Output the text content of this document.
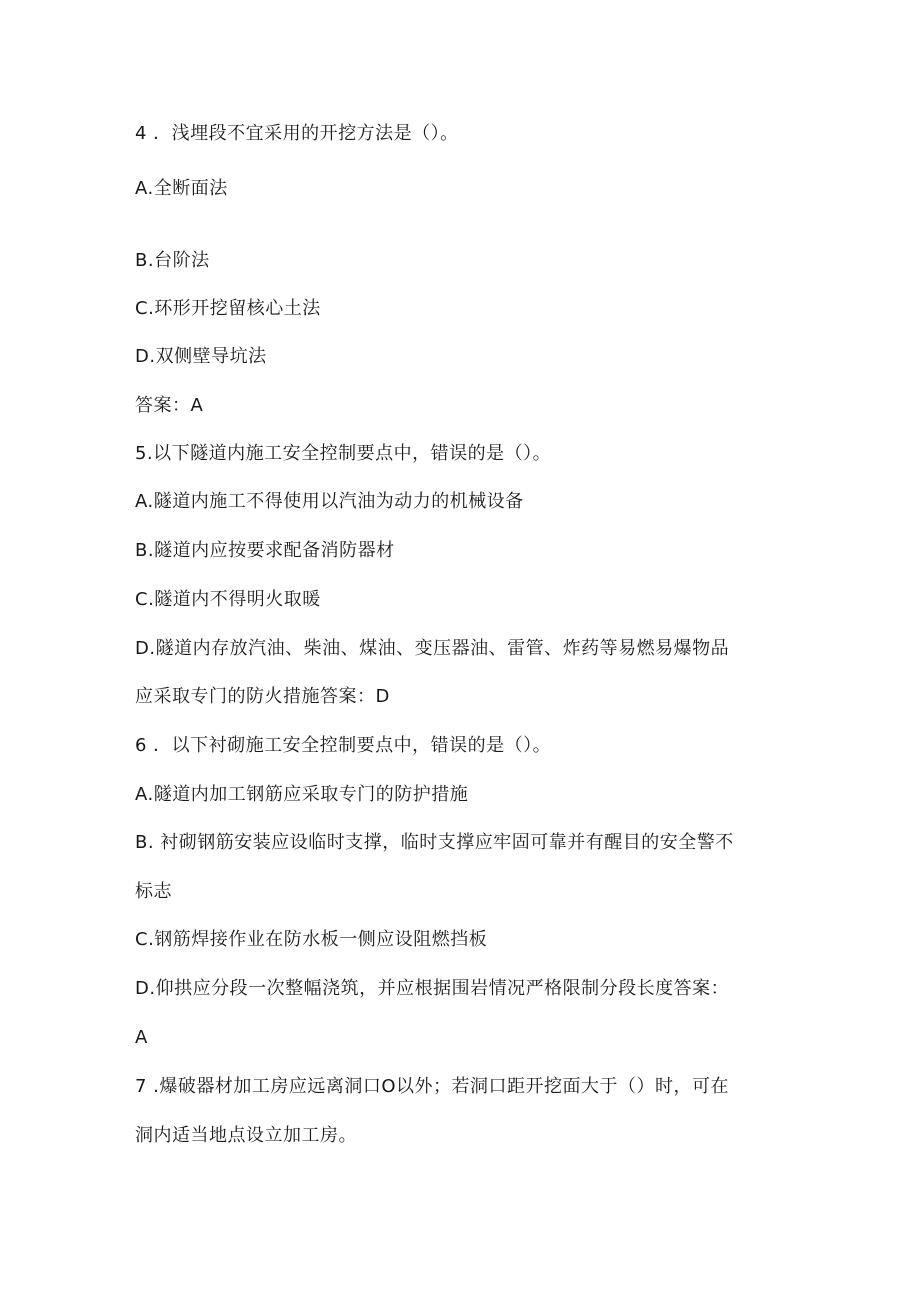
4 ．浅埋段不宜采用的开挖方法是（）。
A.全断面法
B.台阶法
C.环形开挖留核心土法
D.双侧壁导坑法
答案：A
5.以下隧道内施工安全控制要点中，错误的是（）。
A.隧道内施工不得使用以汽油为动力的机械设备
B.隧道内应按要求配备消防器材
C.隧道内不得明火取暖
D.隧道内存放汽油、柴油、煤油、变压器油、雷管、炸药等易燃易爆物品
应采取专门的防火措施答案：D
6 ．以下衬砌施工安全控制要点中，错误的是（）。
A.隧道内加工钢筋应采取专门的防护措施
B. 衬砌钢筋安装应设临时支撑，临时支撑应牢固可靠并有醒目的安全警不
标志
C.钢筋焊接作业在防水板一侧应设阻燃挡板
D.仰拱应分段一次整幅浇筑，并应根据围岩情况严格限制分段长度答案：
A
7 .爆破器材加工房应远离洞口O以外；若洞口距开挖面大于（）时，可在
洞内适当地点设立加工房。
